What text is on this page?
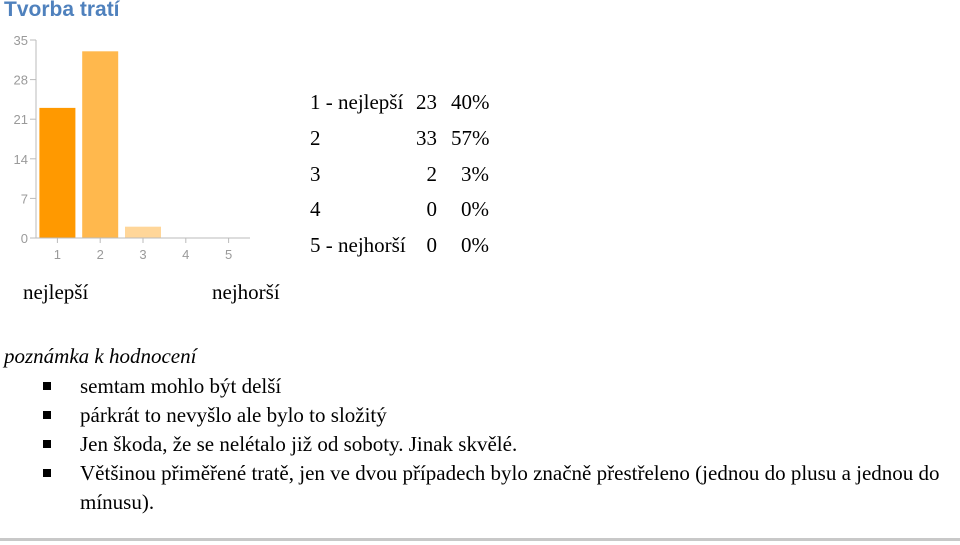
Tvorba tratí
0
7
14
21
28
35
1	2	3	4	5
1 - nejlepší 23 40%
2	33 57%
3	2 3%
4	0 0%
5 - nejhorší 0 0%
nejlepší	nejhorší
poznámka k hodnocení
semtam mohlo být delší
párkrát to nevyšlo ale bylo to složitý
Jen škoda, že se nelétalo již od soboty. Jinak skvělé.
Většinou přiměřené tratě, jen ve dvou případech bylo značně přestřeleno (jednou do plusu a jednou do mínusu).
